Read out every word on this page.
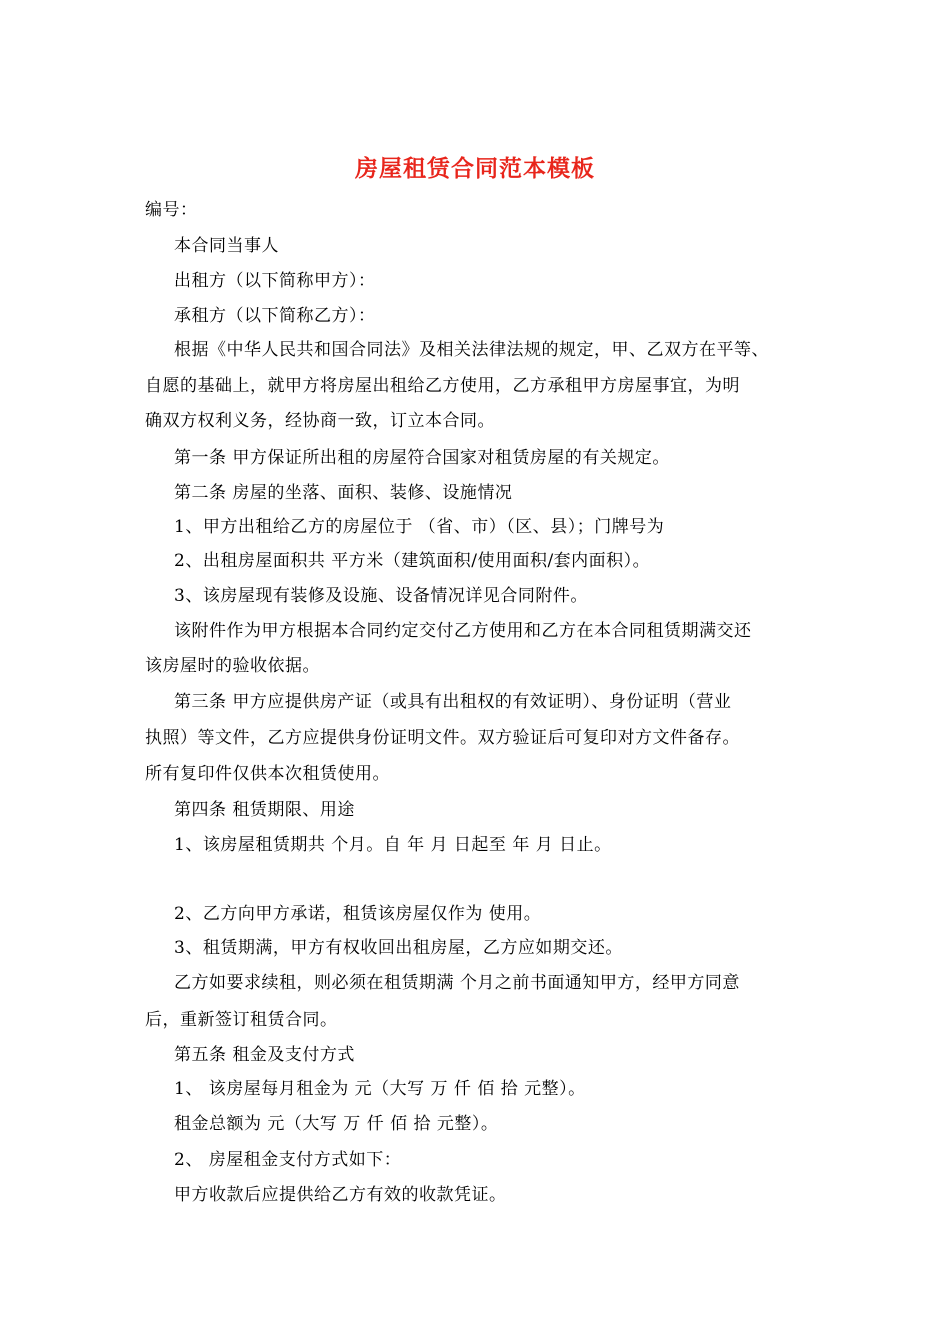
房屋租赁合同范本模板
编号：
本合同当事人
出租方（以下简称甲方）：
承租方（以下简称乙方）：
根据《中华人民共和国合同法》及相关法律法规的规定，甲、乙双方在平等、
自愿的基础上，就甲方将房屋出租给乙方使用，乙方承租甲方房屋事宜，为明
确双方权利义务，经协商一致，订立本合同。
第一条 甲方保证所出租的房屋符合国家对租赁房屋的有关规定。
第二条 房屋的坐落、面积、装修、设施情况
1、甲方出租给乙方的房屋位于 （省、市）（区、县）；门牌号为
2、出租房屋面积共 平方米（建筑面积/使用面积/套内面积）。
3、该房屋现有装修及设施、设备情况详见合同附件。
该附件作为甲方根据本合同约定交付乙方使用和乙方在本合同租赁期满交还
该房屋时的验收依据。
第三条 甲方应提供房产证（或具有出租权的有效证明）、身份证明（营业
执照）等文件，乙方应提供身份证明文件。双方验证后可复印对方文件备存。
所有复印件仅供本次租赁使用。
第四条 租赁期限、用途
1、该房屋租赁期共 个月。自 年 月 日起至 年 月 日止。
2、乙方向甲方承诺，租赁该房屋仅作为 使用。
3、租赁期满，甲方有权收回出租房屋，乙方应如期交还。
乙方如要求续租，则必须在租赁期满 个月之前书面通知甲方，经甲方同意
后，重新签订租赁合同。
第五条 租金及支付方式
1、 该房屋每月租金为 元（大写 万 仟 佰 拾 元整）。
租金总额为 元（大写 万 仟 佰 拾 元整）。
2、 房屋租金支付方式如下：
甲方收款后应提供给乙方有效的收款凭证。
